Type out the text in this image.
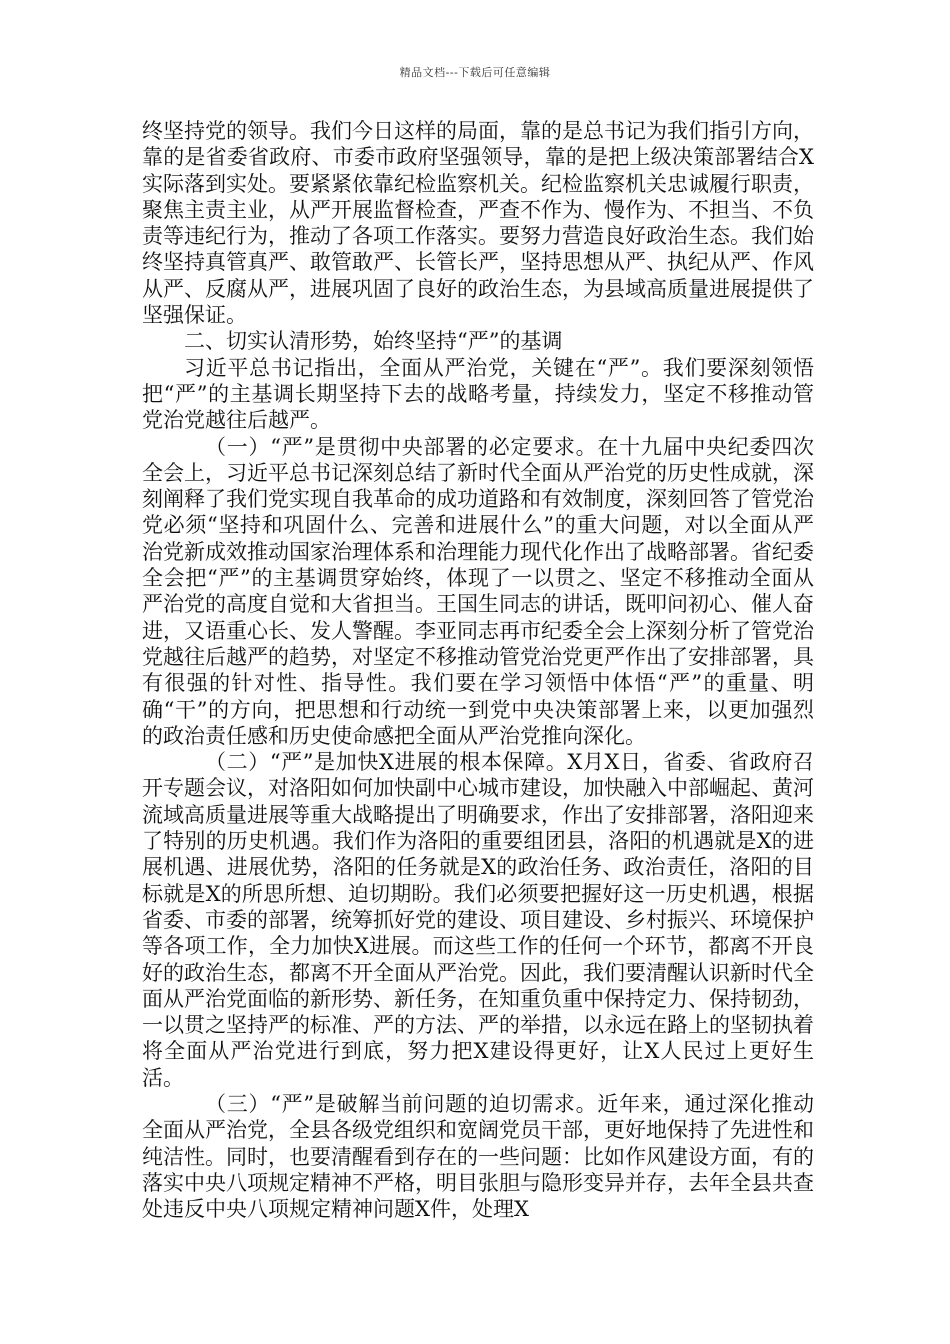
精品文档---下载后可任意编辑

终坚持党的领导。我们今日这样的局面，靠的是总书记为我们指引方向，靠的是省委省政府、市委市政府坚强领导，靠的是把上级决策部署结合X实际落到实处。要紧紧依靠纪检监察机关。纪检监察机关忠诚履行职责，聚焦主责主业，从严开展监督检查，严查不作为、慢作为、不担当、不负责等违纪行为，推动了各项工作落实。要努力营造良好政治生态。我们始终坚持真管真严、敢管敢严、长管长严，坚持思想从严、执纪从严、作风从严、反腐从严，进展巩固了良好的政治生态，为县域高质量进展提供了坚强保证。

二、切实认清形势，始终坚持“严”的基调

习近平总书记指出，全面从严治党，关键在“严”。我们要深刻领悟把“严”的主基调长期坚持下去的战略考量，持续发力，坚定不移推动管党治党越往后越严。

（一）“严”是贯彻中央部署的必定要求。在十九届中央纪委四次全会上，习近平总书记深刻总结了新时代全面从严治党的历史性成就，深刻阐释了我们党实现自我革命的成功道路和有效制度，深刻回答了管党治党必须“坚持和巩固什么、完善和进展什么”的重大问题，对以全面从严治党新成效推动国家治理体系和治理能力现代化作出了战略部署。省纪委全会把“严”的主基调贯穿始终，体现了一以贯之、坚定不移推动全面从严治党的高度自觉和大省担当。王国生同志的讲话，既叩问初心、催人奋进，又语重心长、发人警醒。李亚同志再市纪委全会上深刻分析了管党治党越往后越严的趋势，对坚定不移推动管党治党更严作出了安排部署，具有很强的针对性、指导性。我们要在学习领悟中体悟“严”的重量、明确“干”的方向，把思想和行动统一到党中央决策部署上来，以更加强烈的政治责任感和历史使命感把全面从严治党推向深化。

（二）“严”是加快X进展的根本保障。X月X日，省委、省政府召开专题会议，对洛阳如何加快副中心城市建设，加快融入中部崛起、黄河流域高质量进展等重大战略提出了明确要求，作出了安排部署，洛阳迎来了特别的历史机遇。我们作为洛阳的重要组团县，洛阳的机遇就是X的进展机遇、进展优势，洛阳的任务就是X的政治任务、政治责任，洛阳的目标就是X的所思所想、迫切期盼。我们必须要把握好这一历史机遇，根据省委、市委的部署，统筹抓好党的建设、项目建设、乡村振兴、环境保护等各项工作，全力加快X进展。而这些工作的任何一个环节，都离不开良好的政治生态，都离不开全面从严治党。因此，我们要清醒认识新时代全面从严治党面临的新形势、新任务，在知重负重中保持定力、保持韧劲，一以贯之坚持严的标准、严的方法、严的举措，以永远在路上的坚韧执着将全面从严治党进行到底，努力把X建设得更好，让X人民过上更好生活。

（三）“严”是破解当前问题的迫切需求。近年来，通过深化推动全面从严治党，全县各级党组织和宽阔党员干部，更好地保持了先进性和纯洁性。同时，也要清醒看到存在的一些问题：比如作风建设方面，有的落实中央八项规定精神不严格，明目张胆与隐形变异并存，去年全县共查处违反中央八项规定精神问题X件，处理X
